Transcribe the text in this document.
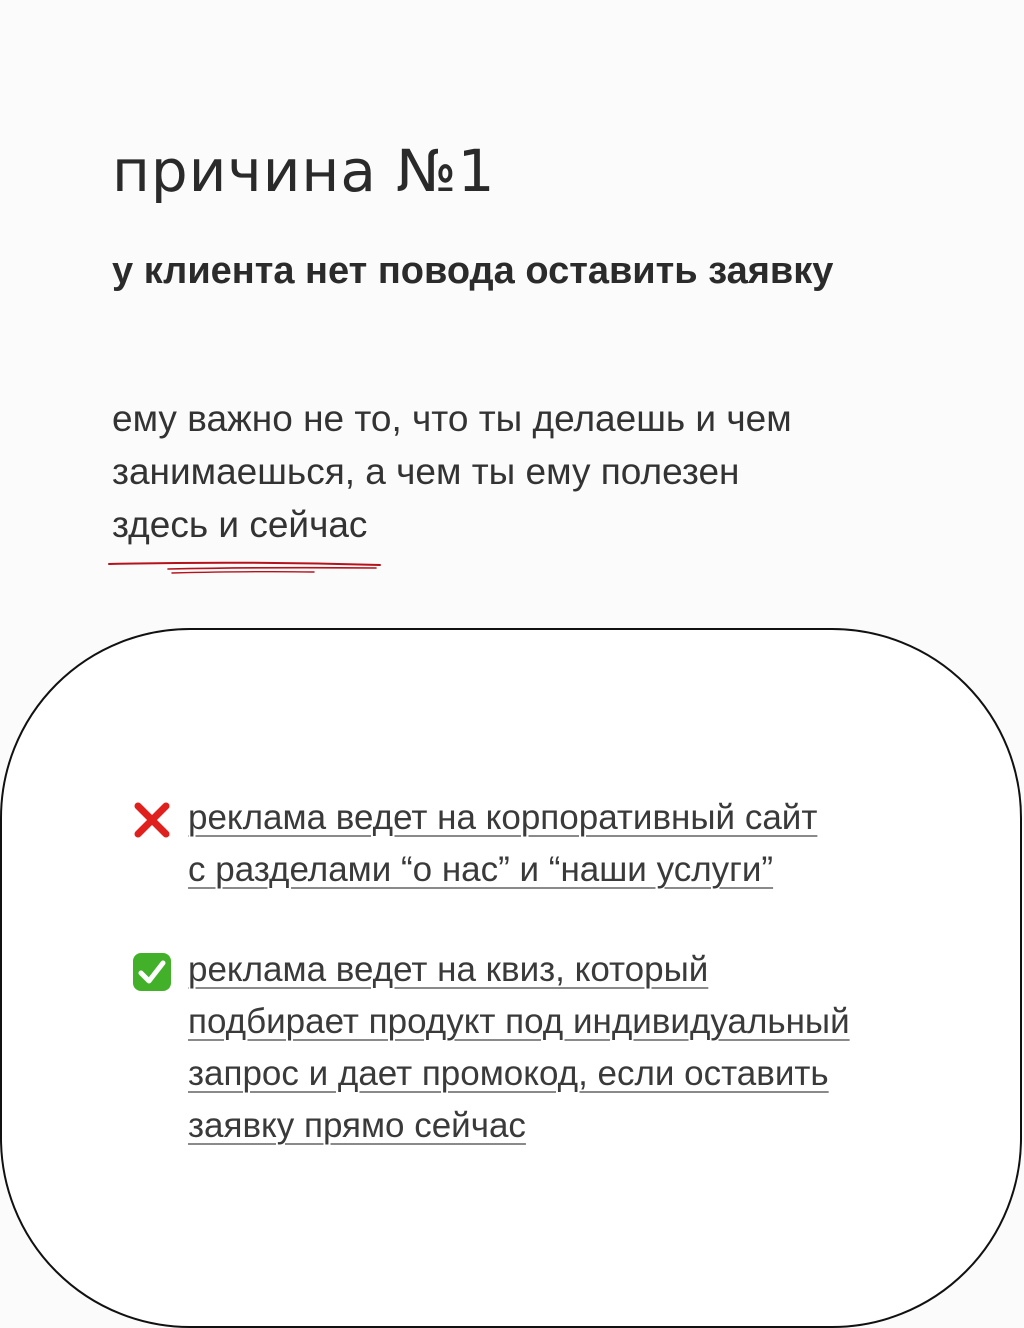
причина №1
у клиента нет повода оставить заявку

ему важно не то, что ты делаешь и чем
занимаешься, а чем ты ему полезен
здесь и сейчас

реклама ведет на корпоративный сайт
с разделами “о нас” и “наши услуги”
реклама ведет на квиз, который
подбирает продукт под индивидуальный
запрос и дает промокод, если оставить
заявку прямо сейчас
